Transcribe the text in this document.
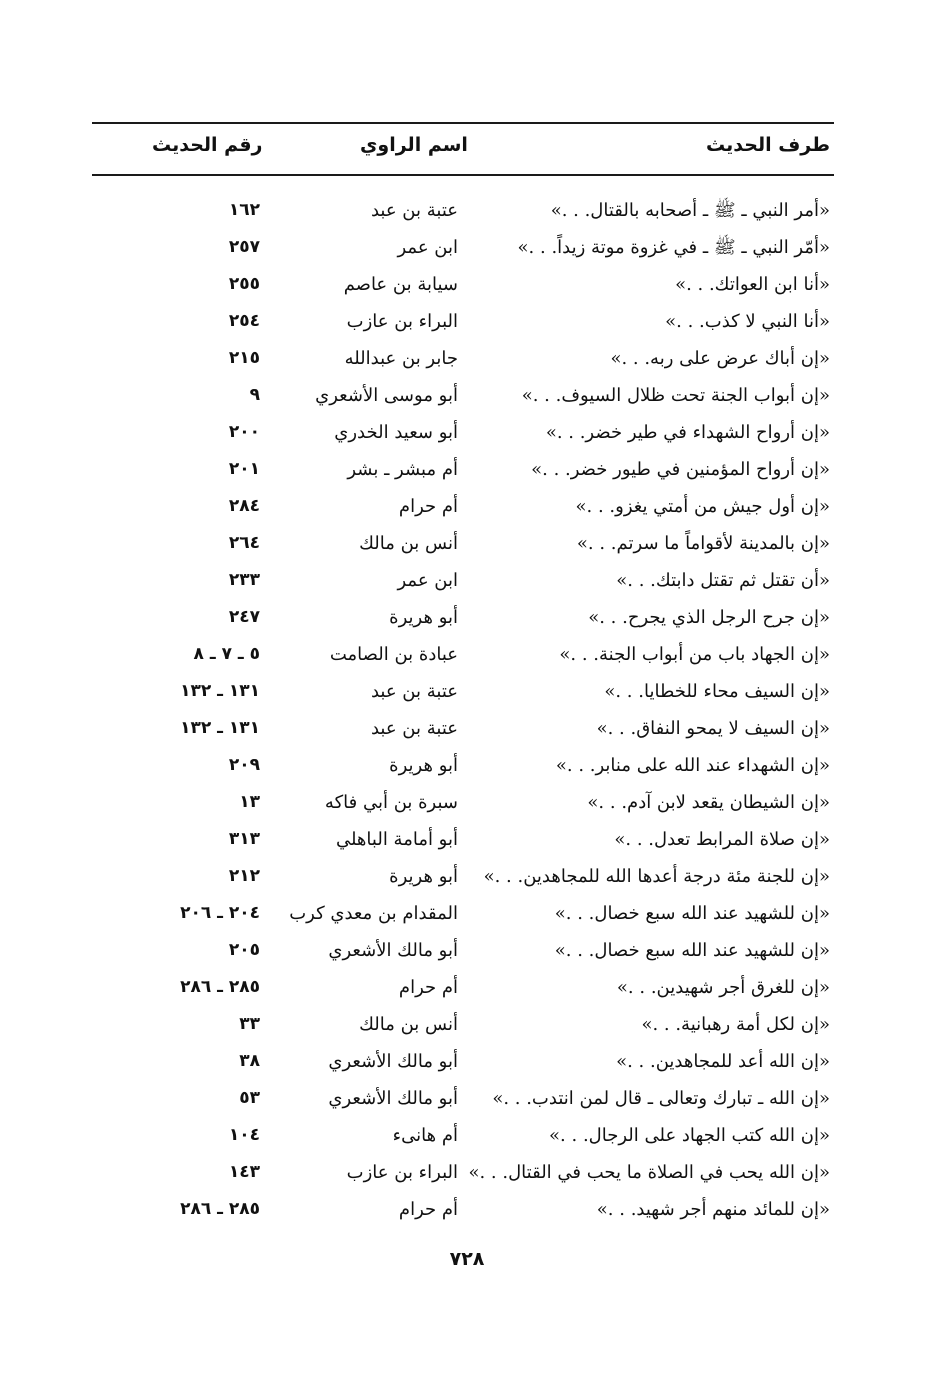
طرف الحديث
اسم الراوي
رقم الحديث
«أمر النبي ـ ﷺ ـ أصحابه بالقتال. . .»
عتبة بن عبد
١٦٢
«أمّر النبي ـ ﷺ ـ في غزوة موتة زيداً. . .»
ابن عمر
٢٥٧
«أنا ابن العواتك. . .»
سيابة بن عاصم
٢٥٥
«أنا النبي لا كذب. . .»
البراء بن عازب
٢٥٤
«إن أباك عرض على ربه. . .»
جابر بن عبدالله
٢١٥
«إن أبواب الجنة تحت ظلال السيوف. . .»
أبو موسى الأشعري
٩
«إن أرواح الشهداء في طير خضر. . .»
أبو سعيد الخدري
٢٠٠
«إن أرواح المؤمنين في طيور خضر. . .»
أم مبشر ـ بشر
٢٠١
«إن أول جيش من أمتي يغزو. . .»
أم حرام
٢٨٤
«إن بالمدينة لأقواماً ما سرتم. . .»
أنس بن مالك
٢٦٤
«أن تقتل ثم تقتل دابتك. . .»
ابن عمر
٢٣٣
«إن جرح الرجل الذي يجرح. . .»
أبو هريرة
٢٤٧
«إن الجهاد باب من أبواب الجنة. . .»
عبادة بن الصامت
٥ ـ ٧ ـ ٨
«إن السيف محاء للخطايا. . .»
عتبة بن عبد
١٣١ ـ ١٣٢
«إن السيف لا يمحو النفاق. . .»
عتبة بن عبد
١٣١ ـ ١٣٢
«إن الشهداء عند الله على منابر. . .»
أبو هريرة
٢٠٩
«إن الشيطان يقعد لابن آدم. . .»
سبرة بن أبي فاكه
١٣
«إن صلاة المرابط تعدل. . .»
أبو أمامة الباهلي
٣١٣
«إن للجنة مئة درجة أعدها الله للمجاهدين. . .»
أبو هريرة
٢١٢
«إن للشهيد عند الله سبع خصال. . .»
المقدام بن معدي كرب
٢٠٤ ـ ٢٠٦
«إن للشهيد عند الله سبع خصال. . .»
أبو مالك الأشعري
٢٠٥
«إن للغرق أجر شهيدين. . .»
أم حرام
٢٨٥ ـ ٢٨٦
«إن لكل أمة رهبانية. . .»
أنس بن مالك
٣٣
«إن الله أعد للمجاهدين. . .»
أبو مالك الأشعري
٣٨
«إن الله ـ تبارك وتعالى ـ قال لمن انتدب. . .»
أبو مالك الأشعري
٥٣
«إن الله كتب الجهاد على الرجال. . .»
أم هانىء
١٠٤
«إن الله يحب في الصلاة ما يحب في القتال. . .»
البراء بن عازب
١٤٣
«إن للمائد منهم أجر شهيد. . .»
أم حرام
٢٨٥ ـ ٢٨٦
٧٢٨
